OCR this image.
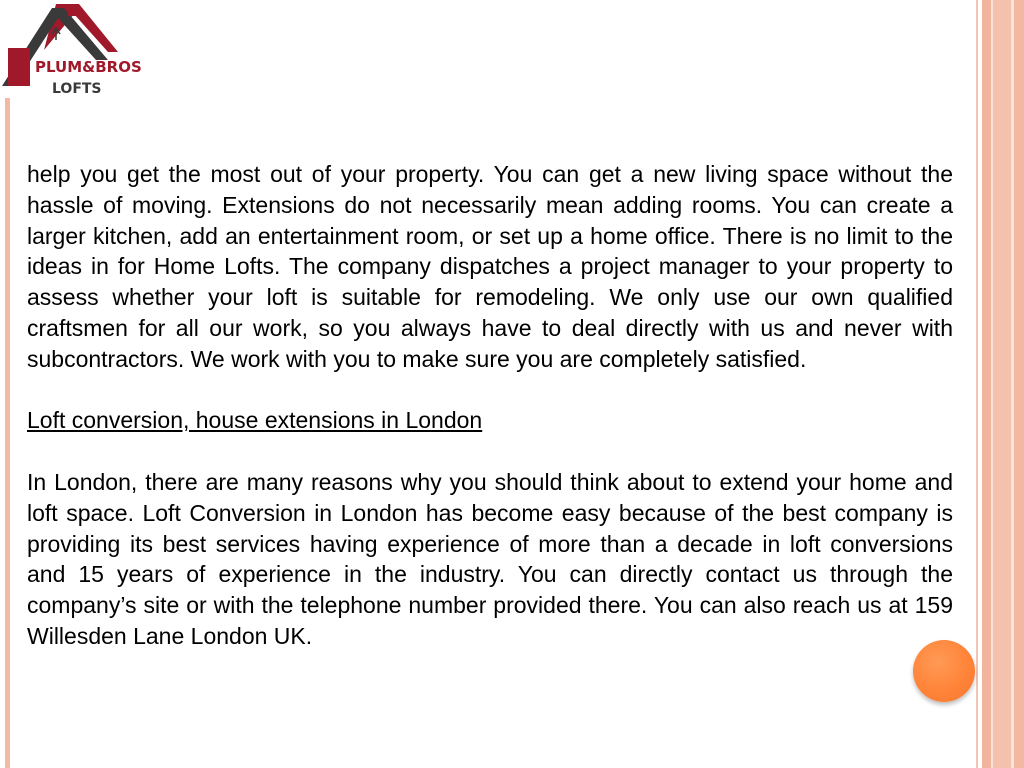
PLUM&BROS
LOFTS

help you get the most out of your property. You can get a new living space without the hassle of moving. Extensions do not necessarily mean adding rooms. You can create a larger kitchen, add an entertainment room, or set up a home office. There is no limit to the ideas in for Home Lofts. The company dispatches a project manager to your property to assess whether your loft is suitable for remodeling. We only use our own qualified craftsmen for all our work, so you always have to deal directly with us and never with subcontractors. We work with you to make sure you are completely satisfied.

Loft conversion, house extensions in London

In London, there are many reasons why you should think about to extend your home and loft space. Loft Conversion in London has become easy because of the best company is providing its best services having experience of more than a decade in loft conversions and 15 years of experience in the industry. You can directly contact us through the company’s site or with the telephone number provided there. You can also reach us at 159 Willesden Lane London UK.
